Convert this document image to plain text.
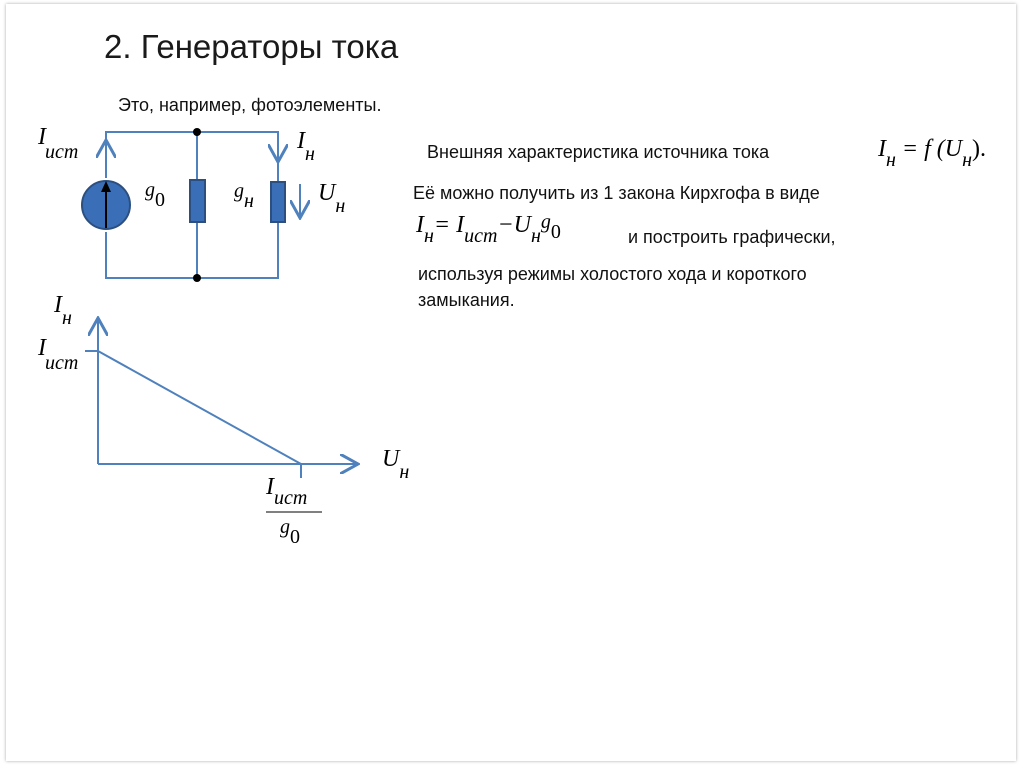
2. Генераторы тока
Это, например, фотоэлементы.
Внешняя характеристика источника тока
Её можно получить из 1 закона Кирхгофа в виде
и построить графически,
используя режимы холостого хода и короткого
замыкания.
Iн = f (Uн).
Iн= Iист−Uнg0
I
ист
g0	gн
Iн
Uн
Iн
I
ист
Uн
Iист
g0
